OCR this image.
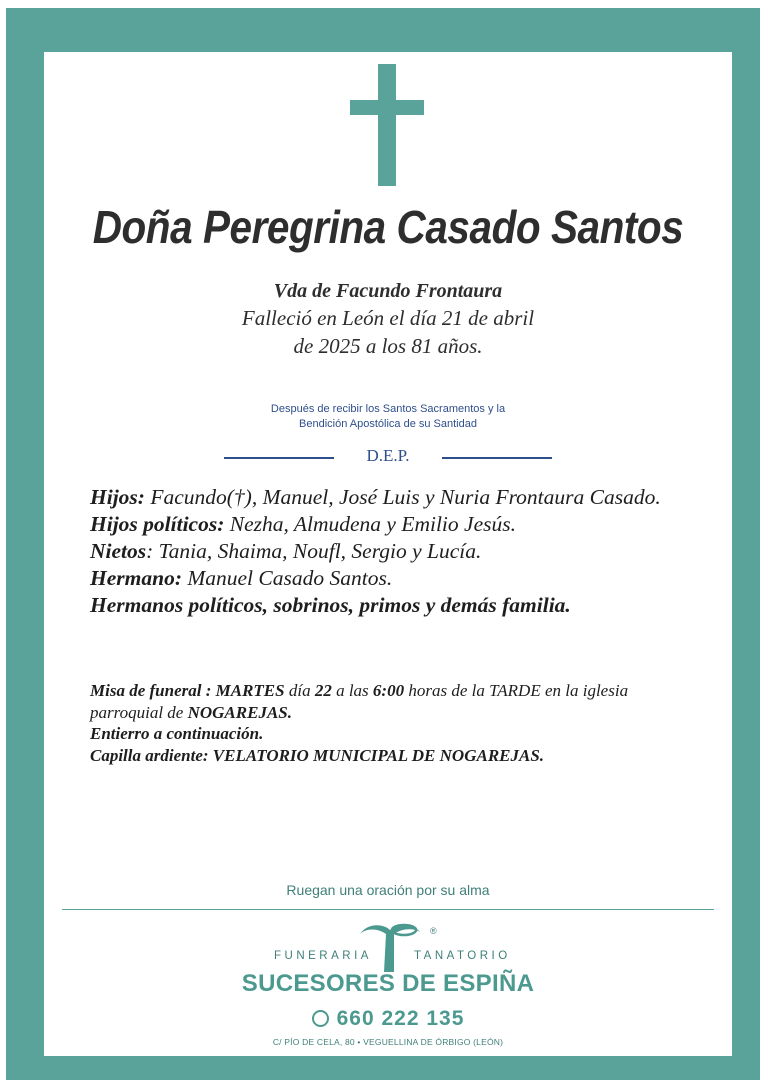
Doña Peregrina Casado Santos
Vda de Facundo Frontaura
Falleció en León el día 21 de abril
de 2025 a los 81 años.
Después de recibir los Santos Sacramentos y la
Bendición Apostólica de su Santidad
D.E.P.

Hijos: Facundo(†), Manuel, José Luis y Nuria Frontaura Casado.

Hijos políticos: Nezha, Almudena y Emilio Jesús.

Nietos: Tania, Shaima, Noufl, Sergio y Lucía.

Hermano: Manuel Casado Santos.

Hermanos políticos, sobrinos, primos y demás familia.

Misa de funeral : MARTES día 22 a las 6:00 horas de la TARDE en la iglesia

parroquial de NOGAREJAS.

Entierro a continuación.

Capilla ardiente: VELATORIO MUNICIPAL DE NOGAREJAS.

Ruegan una oración por su alma
®
FUNERARIA	TANATORIO
SUCESORES DE ESPIÑA
660 222 135
C/ PÍO DE CELA, 80 • VEGUELLINA DE ÓRBIGO (LEÓN)
